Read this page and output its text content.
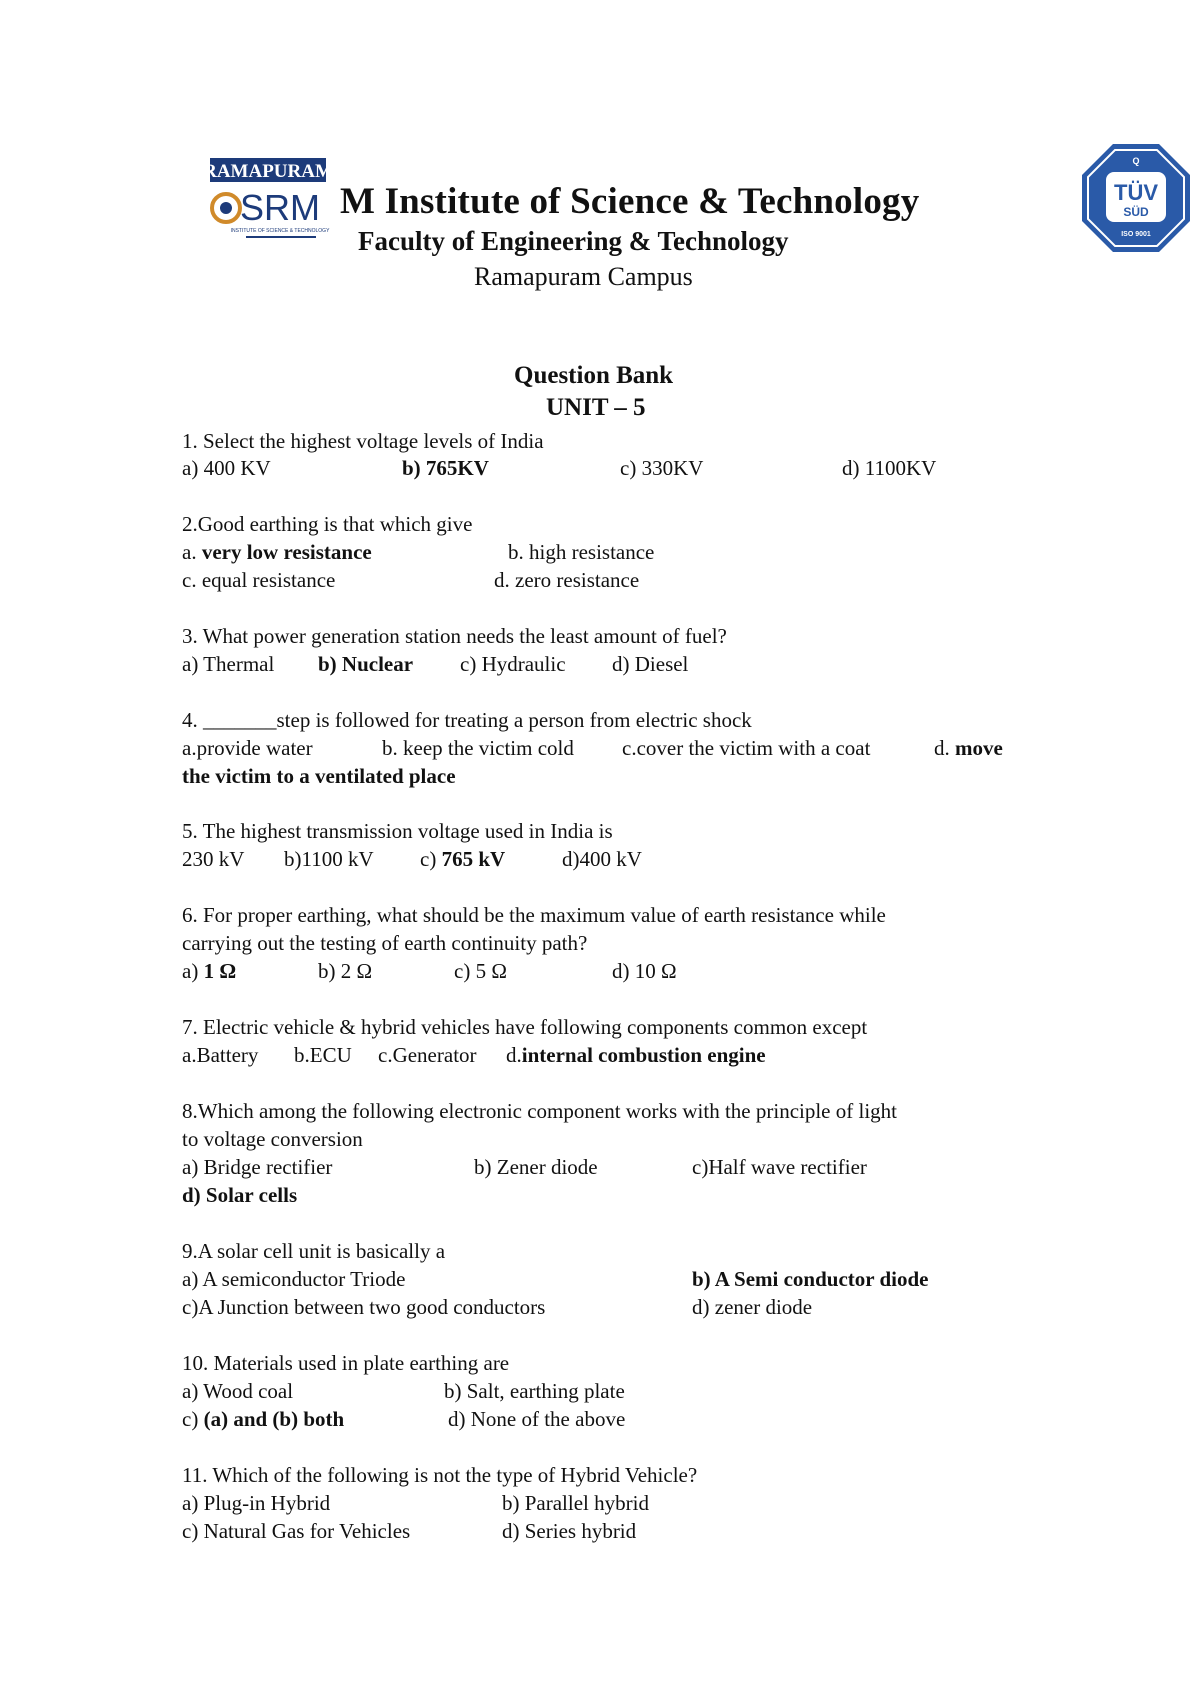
RAMAPURAM
SRM
INSTITUTE OF SCIENCE & TECHNOLOGY
M Institute of Science & Technology
Faculty of Engineering & Technology
Ramapuram Campus
Q
TÜV
SÜD
ISO 9001
Question Bank
UNIT – 5
1. Select the highest voltage levels of India
a) 400 KV	b) 765KV	c) 330KV	d) 1100KV
2.Good earthing is that which give
a. very low resistance	b. high resistance
c. equal resistance	d. zero resistance
3. What power generation station needs the least amount of fuel?
a) Thermal b) Nuclear c) Hydraulic d) Diesel
4. _______step is followed for treating a person from electric shock
a.provide water	b. keep the victim cold c.cover the victim with a coat	d. move
the victim to a ventilated place
5. The highest transmission voltage used in India is
230 kV b)1100 kV c) 765 kV	d)400 kV
6. For proper earthing, what should be the maximum value of earth resistance while
carrying out the testing of earth continuity path?
a) 1 Ω	b) 2 Ω	c) 5 Ω	d) 10 Ω
7. Electric vehicle & hybrid vehicles have following components common except
a.Battery b.ECU c.Generator d.internal combustion engine
8.Which among the following electronic component works with the principle of light
to voltage conversion
a) Bridge rectifier	b) Zener diode	c)Half wave rectifier
d) Solar cells
9.A solar cell unit is basically a
a) A semiconductor Triode	b) A Semi conductor diode
c)A Junction between two good conductors	d) zener diode
10. Materials used in plate earthing are
a) Wood coal	b) Salt, earthing plate
c) (a) and (b) both	d) None of the above
11. Which of the following is not the type of Hybrid Vehicle?
a) Plug-in Hybrid	b) Parallel hybrid
c) Natural Gas for Vehicles	d) Series hybrid
